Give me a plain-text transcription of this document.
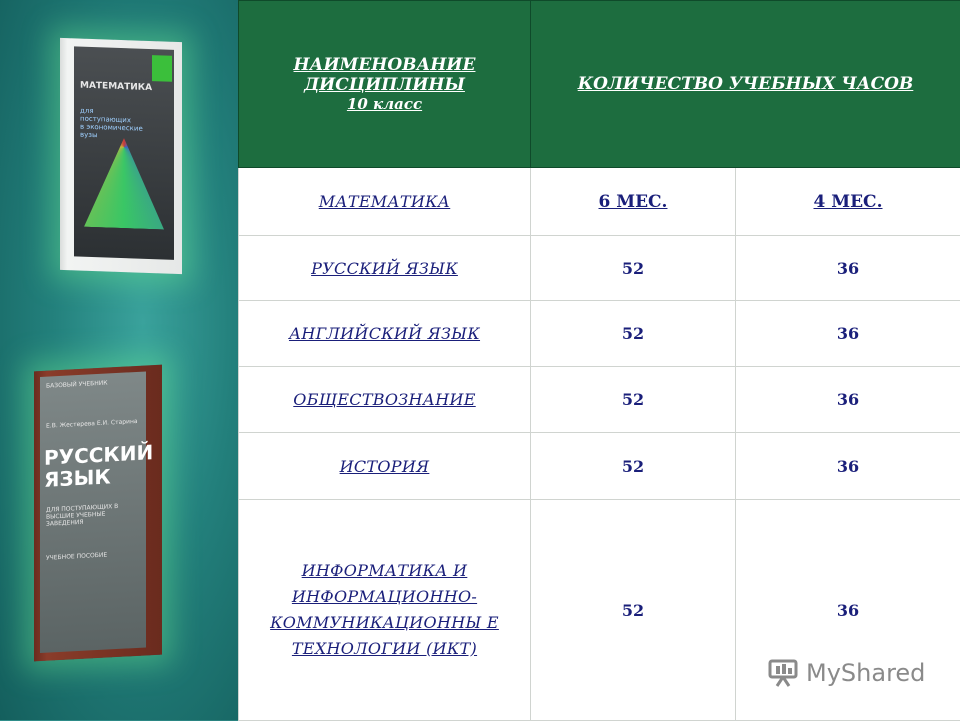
МАТЕМАТИКА

для
поступающих
в экономические
вузы
БАЗОВЫЙ УЧЕБНИК
Е.В. Жестерева Е.И. Старина
РУССКИЙ ЯЗЫК
ДЛЯ ПОСТУПАЮЩИХ В ВЫСШИЕ УЧЕБНЫЕ ЗАВЕДЕНИЯ
УЧЕБНОЕ ПОСОБИЕ
НАИМЕНОВАНИЕ
ДИСЦИПЛИНЫ

10 класс	КОЛИЧЕСТВО УЧЕБНЫХ ЧАСОВ	
МАТЕМАТИКА	6 МЕС.	4 МЕС.
РУССКИЙ ЯЗЫК	52	36
АНГЛИЙСКИЙ ЯЗЫК	52	36
ОБЩЕСТВОЗНАНИЕ	52	36
ИСТОРИЯ	52	36
ИНФОРМАТИКА И ИНФОРМАЦИОННО-КОММУНИКАЦИОННЫ Е ТЕХНОЛОГИИ (ИКТ)	52	36
MyShared
